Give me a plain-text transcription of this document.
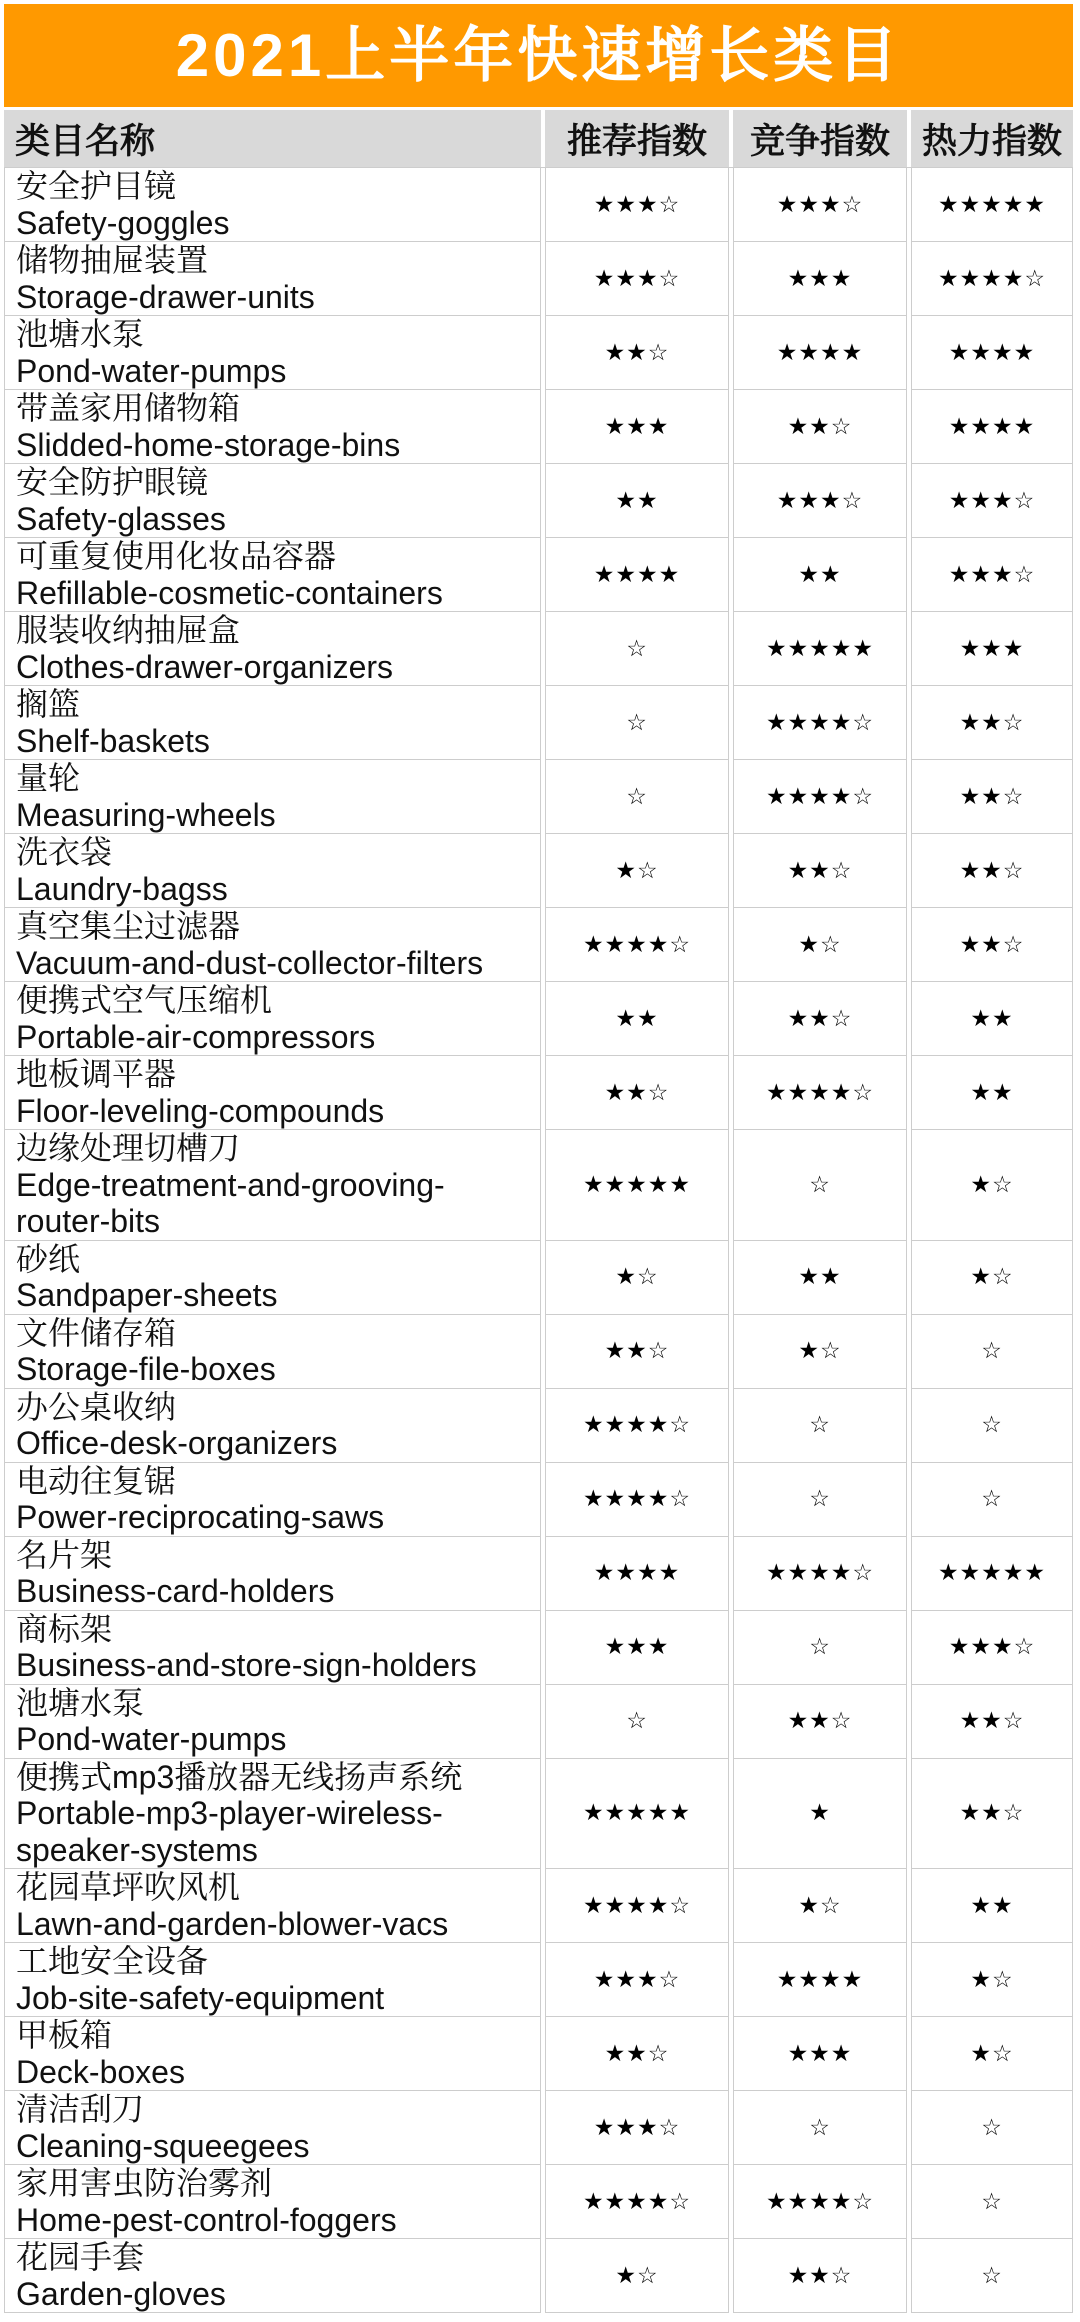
2021上半年快速增长类目
类目名称	推荐指数	竞争指数 热力指数
安全护目镜
Safety-goggles	★★★☆	★★★☆	★★★★★
储物抽屉装置
Storage-drawer-units	★★★☆	★★★	★★★★☆
池塘水泵
Pond-water-pumps	★★☆	★★★★	★★★★
带盖家用储物箱
Slidded-home-storage-bins	★★★	★★☆	★★★★
安全防护眼镜
Safety-glasses	★★	★★★☆	★★★☆
可重复使用化妆品容器
Refillable-cosmetic-containers	★★★★	★★	★★★☆
服装收纳抽屉盒
Clothes-drawer-organizers	☆	★★★★★	★★★
搁篮
Shelf-baskets	☆	★★★★☆	★★☆
量轮
Measuring-wheels	☆	★★★★☆	★★☆
洗衣袋
Laundry-bagss	★☆	★★☆	★★☆
真空集尘过滤器
Vacuum-and-dust-collector-filters	★★★★☆	★☆	★★☆
便携式空气压缩机
Portable-air-compressors	★★	★★☆	★★
地板调平器
Floor-leveling-compounds	★★☆	★★★★☆	★★
边缘处理切槽刀
Edge-treatment-and-grooving-router-bits
★★★★★	☆	★☆
砂纸
Sandpaper-sheets	★☆	★★	★☆
文件储存箱
Storage-file-boxes	★★☆	★☆	☆
办公桌收纳
Office-desk-organizers	★★★★☆	☆	☆
电动往复锯
Power-reciprocating-saws	★★★★☆	☆	☆
名片架
Business-card-holders	★★★★	★★★★☆	★★★★★
商标架
Business-and-store-sign-holders	★★★	☆	★★★☆
池塘水泵
Pond-water-pumps	☆	★★☆	★★☆
便携式mp3播放器无线扬声系统
Portable-mp3-player-wireless-speaker-systems
★★★★★	★	★★☆
花园草坪吹风机
Lawn-and-garden-blower-vacs	★★★★☆	★☆	★★
工地安全设备
Job-site-safety-equipment	★★★☆	★★★★	★☆
甲板箱
Deck-boxes	★★☆	★★★	★☆
清洁刮刀
Cleaning-squeegees	★★★☆	☆	☆
家用害虫防治雾剂
Home-pest-control-foggers	★★★★☆	★★★★☆	☆
花园手套
Garden-gloves	★☆	★★☆	☆
